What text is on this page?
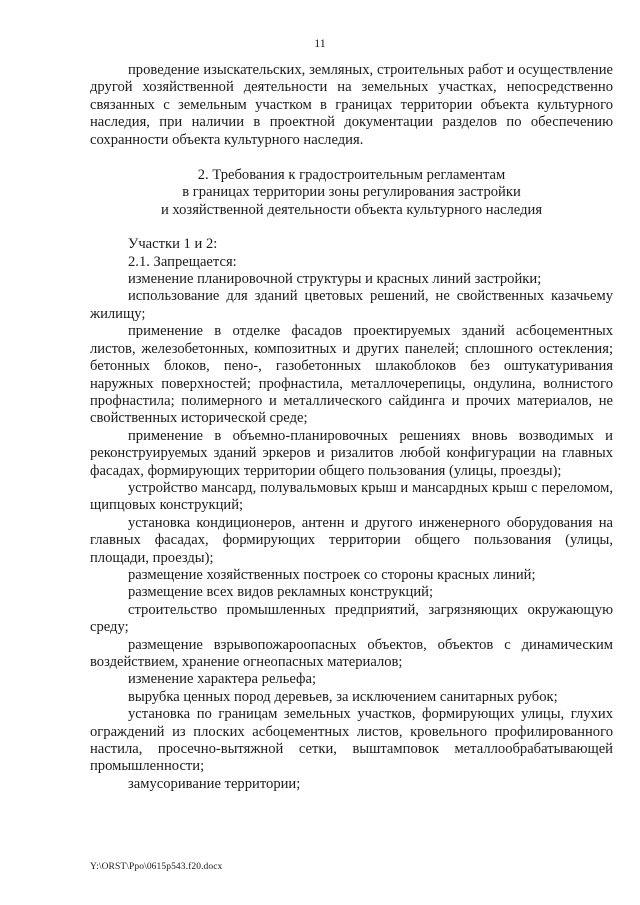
11

проведение изыскательских, земляных, строительных работ и осуществление другой хозяйственной деятельности на земельных участках, непосредственно связанных с земельным участком в границах территории объекта культурного наследия, при наличии в проектной документации разделов по обеспечению сохранности объекта культурного наследия.

2. Требования к градостроительным регламентам
в границах территории зоны регулирования застройки
и хозяйственной деятельности объекта культурного наследия

Участки 1 и 2:

2.1. Запрещается:

изменение планировочной структуры и красных линий застройки;

использование для зданий цветовых решений, не свойственных казачьему жилищу;

применение в отделке фасадов проектируемых зданий асбоцементных листов, железобетонных, композитных и других панелей; сплошного остекления; бетонных блоков, пено-, газобетонных шлакоблоков без оштукатуривания наружных поверхностей; профнастила, металлочерепицы, ондулина, волнистого профнастила; полимерного и металлического сайдинга и прочих материалов, не свойственных исторической среде;

применение в объемно-планировочных решениях вновь возводимых и реконструируемых зданий эркеров и ризалитов любой конфигурации на главных фасадах, формирующих территории общего пользования (улицы, проезды);

устройство мансард, полувальмовых крыш и мансардных крыш с переломом, щипцовых конструкций;

установка кондиционеров, антенн и другого инженерного оборудования на главных фасадах, формирующих территории общего пользования (улицы, площади, проезды);

размещение хозяйственных построек со стороны красных линий;

размещение всех видов рекламных конструкций;

строительство промышленных предприятий, загрязняющих окружающую среду;

размещение взрывопожароопасных объектов, объектов с динамическим воздействием, хранение огнеопасных материалов;

изменение характера рельефа;

вырубка ценных пород деревьев, за исключением санитарных рубок;

установка по границам земельных участков, формирующих улицы, глухих ограждений из плоских асбоцементных листов, кровельного профилированного настила, просечно-вытяжной сетки, выштамповок металлообрабатывающей промышленности;

замусоривание территории;

Y:\ORST\Ppo\0615p543.f20.docx
